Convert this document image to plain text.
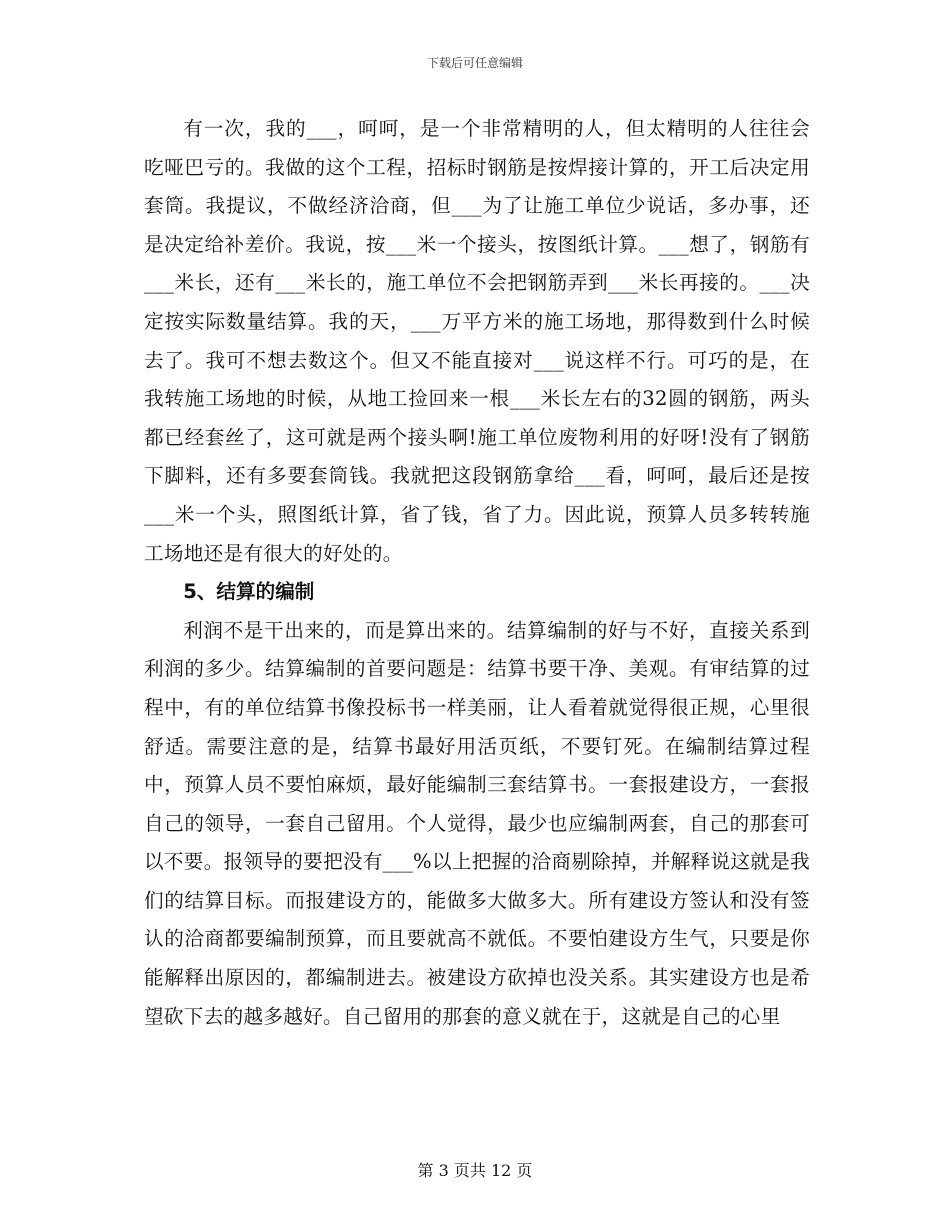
下载后可任意编辑

有一次，我的___，呵呵，是一个非常精明的人，但太精明的人往往会吃哑巴亏的。我做的这个工程，招标时钢筋是按焊接计算的，开工后决定用套筒。我提议，不做经济洽商，但___为了让施工单位少说话，多办事，还是决定给补差价。我说，按___米一个接头，按图纸计算。___想了，钢筋有___米长，还有___米长的，施工单位不会把钢筋弄到___米长再接的。___决定按实际数量结算。我的天，___万平方米的施工场地，那得数到什么时候去了。我可不想去数这个。但又不能直接对___说这样不行。可巧的是，在我转施工场地的时候，从地工捡回来一根___米长左右的32圆的钢筋，两头都已经套丝了，这可就是两个接头啊!施工单位废物利用的好呀!没有了钢筋下脚料，还有多要套筒钱。我就把这段钢筋拿给___看，呵呵，最后还是按___米一个头，照图纸计算，省了钱，省了力。因此说，预算人员多转转施工场地还是有很大的好处的。

5、结算的编制

利润不是干出来的，而是算出来的。结算编制的好与不好，直接关系到利润的多少。结算编制的首要问题是：结算书要干净、美观。有审结算的过程中，有的单位结算书像投标书一样美丽，让人看着就觉得很正规，心里很舒适。需要注意的是，结算书最好用活页纸，不要钉死。在编制结算过程中，预算人员不要怕麻烦，最好能编制三套结算书。一套报建设方，一套报自己的领导，一套自己留用。个人觉得，最少也应编制两套，自己的那套可以不要。报领导的要把没有___%以上把握的洽商剔除掉，并解释说这就是我们的结算目标。而报建设方的，能做多大做多大。所有建设方签认和没有签认的洽商都要编制预算，而且要就高不就低。不要怕建设方生气，只要是你能解释出原因的，都编制进去。被建设方砍掉也没关系。其实建设方也是希望砍下去的越多越好。自己留用的那套的意义就在于，这就是自己的心里

第 3 页共 12 页
